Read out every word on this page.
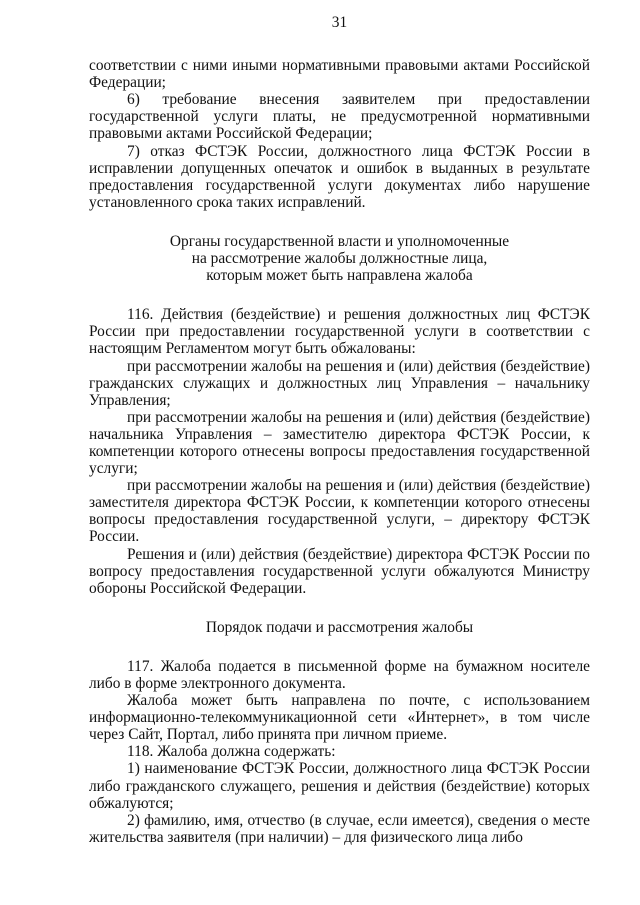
31

соответствии с ними иными нормативными правовыми актами Российской Федерации;

6) требование внесения заявителем при предоставлении государственной услуги платы, не предусмотренной нормативными правовыми актами Российской Федерации;

7) отказ ФСТЭК России, должностного лица ФСТЭК России в исправлении допущенных опечаток и ошибок в выданных в результате предоставления государственной услуги документах либо нарушение установленного срока таких исправлений.

Органы государственной власти и уполномоченные

на рассмотрение жалобы должностные лица,

которым может быть направлена жалоба

116. Действия (бездействие) и решения должностных лиц ФСТЭК России при предоставлении государственной услуги в соответствии с настоящим Регламентом могут быть обжалованы:

при рассмотрении жалобы на решения и (или) действия (бездействие) гражданских служащих и должностных лиц Управления – начальнику Управления;

при рассмотрении жалобы на решения и (или) действия (бездействие) начальника Управления – заместителю директора ФСТЭК России, к компетенции которого отнесены вопросы предоставления государственной услуги;

при рассмотрении жалобы на решения и (или) действия (бездействие) заместителя директора ФСТЭК России, к компетенции которого отнесены вопросы предоставления государственной услуги, – директору ФСТЭК России.

Решения и (или) действия (бездействие) директора ФСТЭК России по вопросу предоставления государственной услуги обжалуются Министру обороны Российской Федерации.

Порядок подачи и рассмотрения жалобы

117. Жалоба подается в письменной форме на бумажном носителе либо в форме электронного документа.

Жалоба может быть направлена по почте, с использованием информационно-телекоммуникационной сети «Интернет», в том числе через Сайт, Портал, либо принята при личном приеме.

118. Жалоба должна содержать:

1) наименование ФСТЭК России, должностного лица ФСТЭК России либо гражданского служащего, решения и действия (бездействие) которых обжалуются;

2) фамилию, имя, отчество (в случае, если имеется), сведения о месте жительства заявителя (при наличии) – для физического лица либо
